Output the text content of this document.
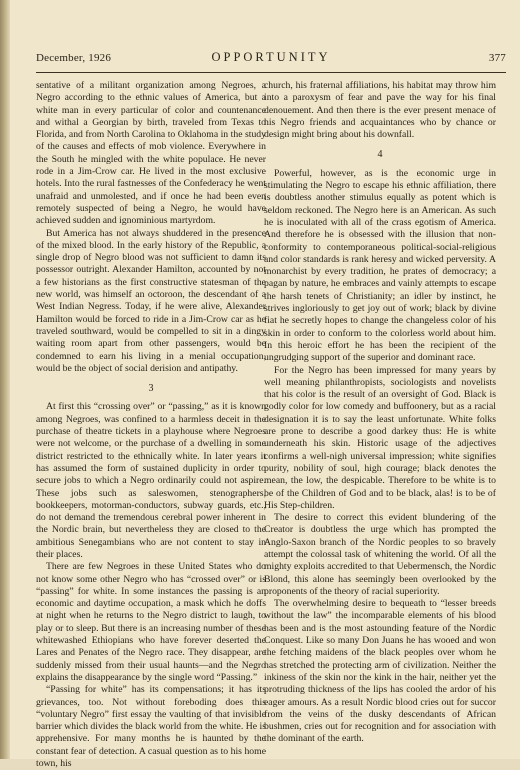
December, 1926	OPPORTUNITY	377

sentative of a militant organization among Negroes, a Negro according to the ethnic values of America, but a white man in every particular of color and countenance and withal a Georgian by birth, traveled from Texas to Florida, and from North Carolina to Oklahoma in the study of the causes and effects of mob violence. Everywhere in the South he mingled with the white populace. He never rode in a Jim-Crow car. He lived in the most exclusive hotels. Into the rural fastnesses of the Confederacy he went unafraid and unmolested, and if once he had been even remotely suspected of being a Negro, he would have achieved sudden and ignominious martyrdom.

But America has not always shuddered in the presence of the mixed blood. In the early history of the Republic, a single drop of Negro blood was not sufficient to damn its possessor outright. Alexander Hamilton, accounted by not a few historians as the first constructive statesman of the new world, was himself an octoroon, the descendant of a West Indian Negress. Today, if he were alive, Alexander Hamilton would be forced to ride in a Jim-Crow car as he traveled southward, would be compelled to sit in a dingy waiting room apart from other passengers, would be condemned to earn his living in a menial occupation, would be the object of social derision and antipathy.

3

At first this “crossing over” or “passing,” as it is known among Negroes, was confined to a harmless deceit in the purchase of theatre tickets in a playhouse where Negroes were not welcome, or the purchase of a dwelling in some district restricted to the ethnically white. In later years it has assumed the form of sustained duplicity in order to secure jobs to which a Negro ordinarily could not aspire. These jobs such as saleswomen, stenographers, bookkeepers, motorman-conductors, subway guards, etc., do not demand the tremendous cerebral power inherent in the Nordic brain, but nevertheless they are closed to the ambitious Senegambians who are not content to stay in their places.

There are few Negroes in these United States who do not know some other Negro who has “crossed over” or is “passing” for white. In some instances the passing is an economic and daytime occupation, a mask which he doffs at night when he returns to the Negro district to laugh, to play or to sleep. But there is an increasing number of these whitewashed Ethiopians who have forever deserted the Lares and Penates of the Negro race. They disappear, are suddenly missed from their usual haunts—and the Negro explains the disappearance by the single word “Passing.”

“Passing for white” has its compensations; it has its grievances, too. Not without foreboding does this “voluntary Negro” first essay the vaulting of that invisible barrier which divides the black world from the white. He is apprehensive. For many months he is haunted by the constant fear of detection. A casual question as to his home town, his

church, his fraternal affiliations, his habitat may throw him into a paroxysm of fear and pave the way for his final denouement. And then there is the ever present menace of his Negro friends and acquaintances who by chance or design might bring about his downfall.

4

Powerful, however, as is the economic urge in stimulating the Negro to escape his ethnic affiliation, there is doubtless another stimulus equally as potent which is seldom reckoned. The Negro here is an American. As such he is inoculated with all of the crass egotism of America. And therefore he is obsessed with the illusion that non-conformity to contemporaneous political-social-religious and color standards is rank heresy and wicked perversity. A monarchist by every tradition, he prates of democracy; a pagan by nature, he embraces and vainly attempts to escape the harsh tenets of Christianity; an idler by instinct, he strives ingloriously to get joy out of work; black by divine fiat he secretly hopes to change the changeless color of his skin in order to conform to the colorless world about him. In this heroic effort he has been the recipient of the ungrudging support of the superior and dominant race.

For the Negro has been impressed for many years by well meaning philanthropists, sociologists and novelists that his color is the result of an oversight of God. Black is godly color for low comedy and buffoonery, but as a racial designation it is to say the least unfortunate. White folks are prone to describe a good darkey thus: He is white underneath his skin. Historic usage of the adjectives confirms a well-nigh universal impression; white signifies purity, nobility of soul, high courage; black denotes the mean, the low, the despicable. Therefore to be white is to be of the Children of God and to be black, alas! is to be of His Step-children.

The desire to correct this evident blundering of the Creator is doubtless the urge which has prompted the Anglo-Saxon branch of the Nordic peoples to so bravely attempt the colossal task of whitening the world. Of all the mighty exploits accredited to that Uebermensch, the Nordic Blond, this alone has seemingly been overlooked by the proponents of the theory of racial superiority.

The overwhelming desire to bequeath to “lesser breeds without the law” the incomparable elements of his blood has been and is the most astounding feature of the Nordic Conquest. Like so many Don Juans he has wooed and won the fetching maidens of the black peoples over whom he has stretched the protecting arm of civilization. Neither the inkiness of the skin nor the kink in the hair, neither yet the protruding thickness of the lips has cooled the ardor of his eager amours. As a result Nordic blood cries out for succor from the veins of the dusky descendants of African bushmen, cries out for recognition and for association with the dominant of the earth.
